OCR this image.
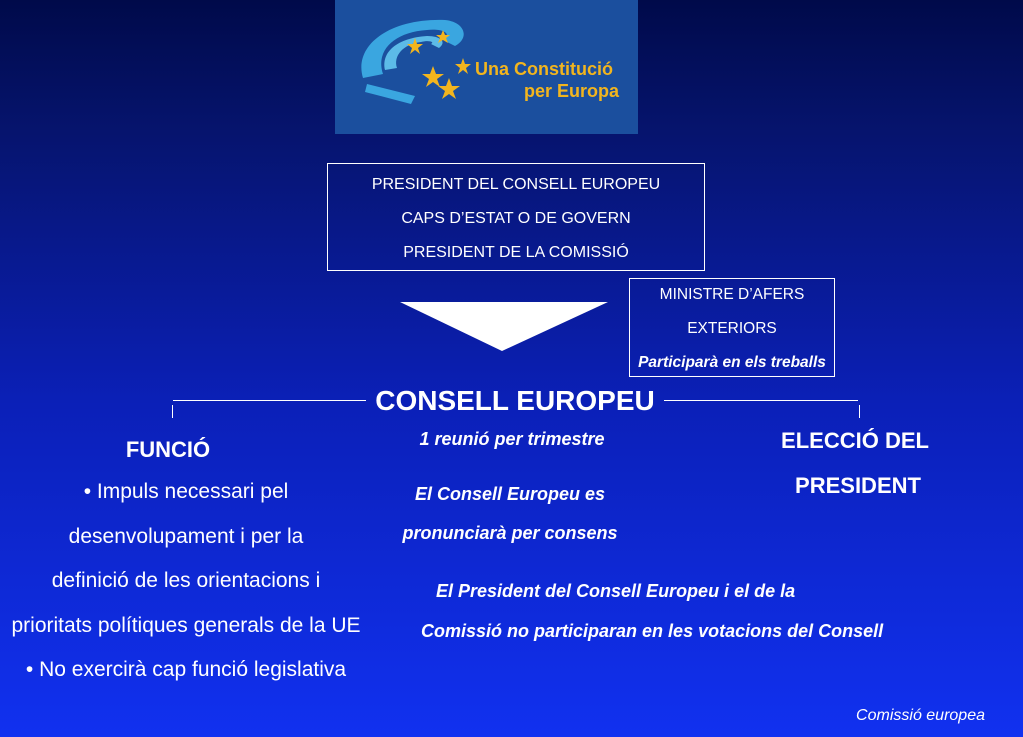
Una Constitució
per Europa
PRESIDENT DEL CONSELL EUROPEU
CAPS D’ESTAT O DE GOVERN
PRESIDENT DE LA COMISSIÓ
MINISTRE D’AFERS
EXTERIORS
Participarà en els treballs
CONSELL EUROPEU
1 reunió per trimestre
El Consell Europeu es
pronunciarà per consens
FUNCIÓ
• Impuls necessari pel
desenvolupament i per la
definició de les orientacions i
prioritats polítiques generals de la UE
• No exercirà cap funció legislativa
ELECCIÓ DEL
PRESIDENT
El President del Consell Europeu i el de la
Comissió no participaran en les votacions del Consell
Comissió europea
